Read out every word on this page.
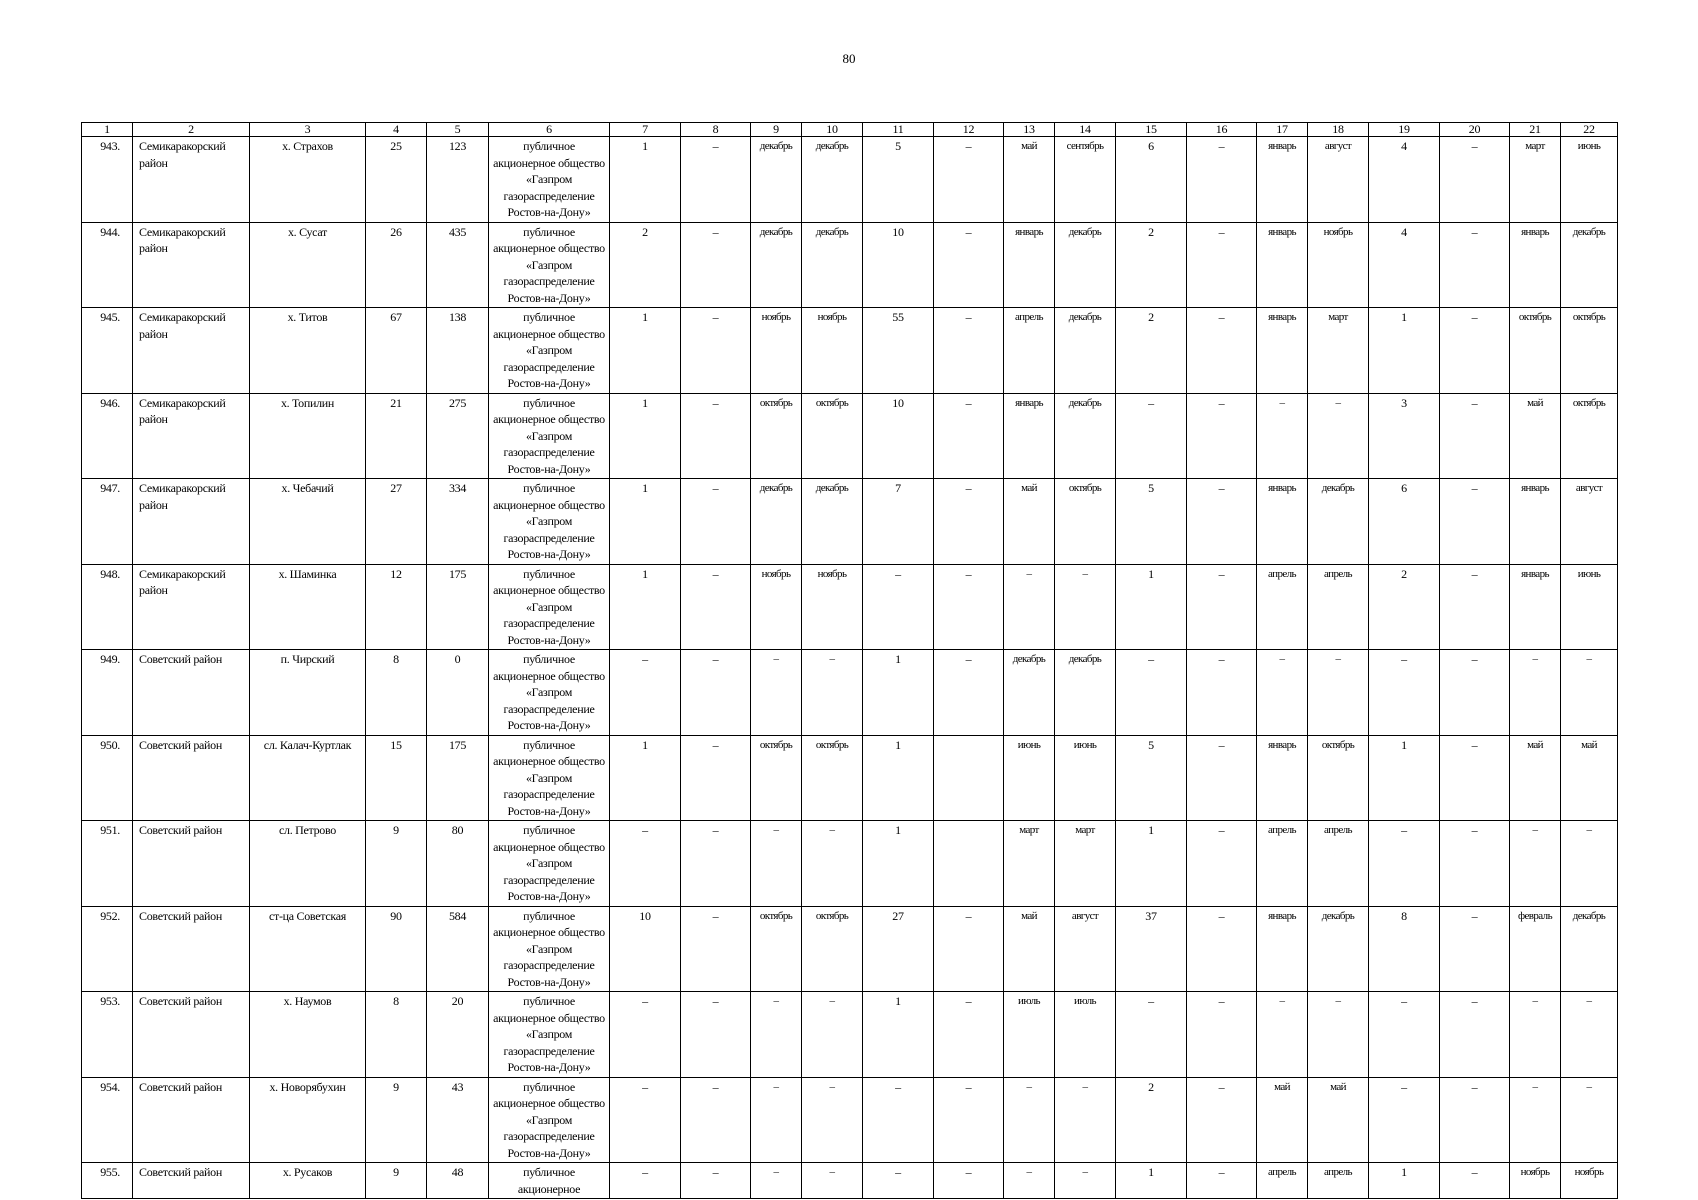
80
1	2	3	4	5	6	7	8	9	10	11	12	13	14	15	16	17	18	19	20	21	22
943.	Семикаракорский район	х. Страхов	25	123	публичное акционерное общество «Газпром газораспределение Ростов-на-Дону»	1	–	декабрь	декабрь	5	–	май	сентябрь	6	–	январь	август	4	–	март	июнь
944.	Семикаракорский район	х. Сусат	26	435	публичное акционерное общество «Газпром газораспределение Ростов-на-Дону»	2	–	декабрь	декабрь	10	–	январь	декабрь	2	–	январь	ноябрь	4	–	январь	декабрь
945.	Семикаракорский район	х. Титов	67	138	публичное акционерное общество «Газпром газораспределение Ростов-на-Дону»	1	–	ноябрь	ноябрь	55	–	апрель	декабрь	2	–	январь	март	1	–	октябрь	октябрь
946.	Семикаракорский район	х. Топилин	21	275	публичное акционерное общество «Газпром газораспределение Ростов-на-Дону»	1	–	октябрь	октябрь	10	–	январь	декабрь	–	–	–	–	3	–	май	октябрь
947.	Семикаракорский район	х. Чебачий	27	334	публичное акционерное общество «Газпром газораспределение Ростов-на-Дону»	1	–	декабрь	декабрь	7	–	май	октябрь	5	–	январь	декабрь	6	–	январь	август
948.	Семикаракорский район	х. Шаминка	12	175	публичное акционерное общество «Газпром газораспределение Ростов-на-Дону»	1	–	ноябрь	ноябрь	–	–	–	–	1	–	апрель	апрель	2	–	январь	июнь
949.	Советский район	п. Чирский	8	0	публичное акционерное общество «Газпром газораспределение Ростов-на-Дону»	–	–	–	–	1	–	декабрь	декабрь	–	–	–	–	–	–	–	–
950.	Советский район	сл. Калач-Куртлак	15	175	публичное акционерное общество «Газпром газораспределение Ростов-на-Дону»	1	–	октябрь	октябрь	1		июнь	июнь	5	–	январь	октябрь	1	–	май	май
951.	Советский район	сл. Петрово	9	80	публичное акционерное общество «Газпром газораспределение Ростов-на-Дону»	–	–	–	–	1		март	март	1	–	апрель	апрель	–	–	–	–
952.	Советский район	ст-ца Советская	90	584	публичное акционерное общество «Газпром газораспределение Ростов-на-Дону»	10	–	октябрь	октябрь	27	–	май	август	37	–	январь	декабрь	8	–	февраль	декабрь
953.	Советский район	х. Наумов	8	20	публичное акционерное общество «Газпром газораспределение Ростов-на-Дону»	–	–	–	–	1	–	июль	июль	–	–	–	–	–	–	–	–
954.	Советский район	х. Новорябухин	9	43	публичное акционерное общество «Газпром газораспределение Ростов-на-Дону»	–	–	–	–	–	–	–	–	2	–	май	май	–	–	–	–
955.	Советский район	х. Русаков	9	48	публичное акционерное	–	–	–	–	–	–	–	–	1	–	апрель	апрель	1	–	ноябрь	ноябрь
